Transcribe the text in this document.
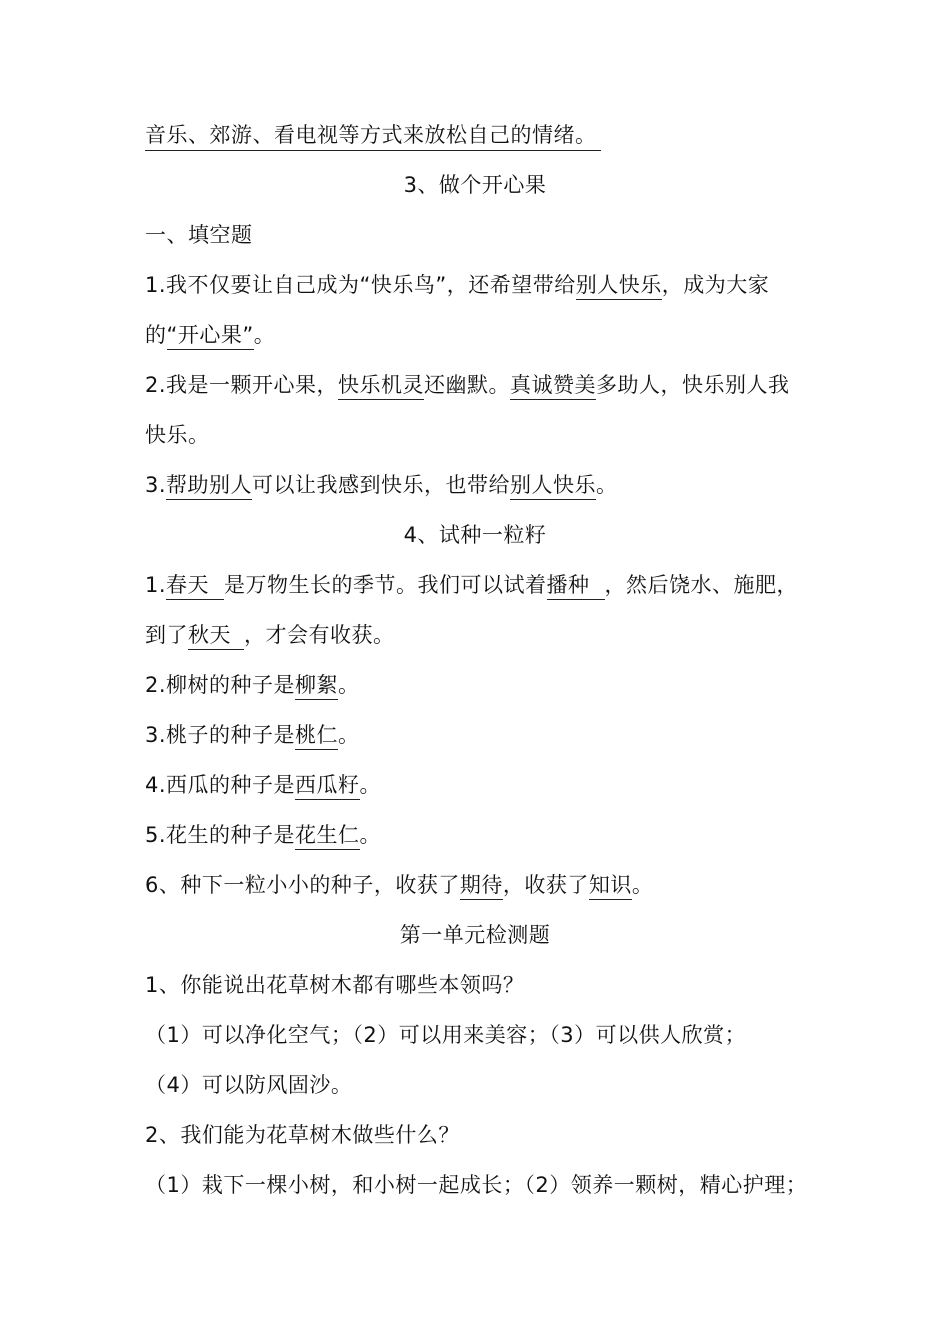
音乐、郊游、看电视等方式来放松自己的情绪。
3、做个开心果
一、填空题
1.我不仅要让自己成为“快乐鸟”，还希望带给别人快乐，成为大家
的“开心果”。
2.我是一颗开心果，快乐机灵还幽默。真诚赞美多助人，快乐别人我
快乐。
3.帮助别人可以让我感到快乐，也带给别人快乐。
4、试种一粒籽
1.春天是万物生长的季节。我们可以试着播种，然后饶水、施肥，
到了秋天，才会有收获。
2.柳树的种子是柳絮。
3.桃子的种子是桃仁。
4.西瓜的种子是西瓜籽。
5.花生的种子是花生仁。
6、种下一粒小小的种子，收获了期待，收获了知识。
第一单元检测题
1、你能说出花草树木都有哪些本领吗？
（1）可以净化空气；（2）可以用来美容；（3）可以供人欣赏；
（4）可以防风固沙。
2、我们能为花草树木做些什么？
（1）栽下一棵小树，和小树一起成长；（2）领养一颗树，精心护理；
